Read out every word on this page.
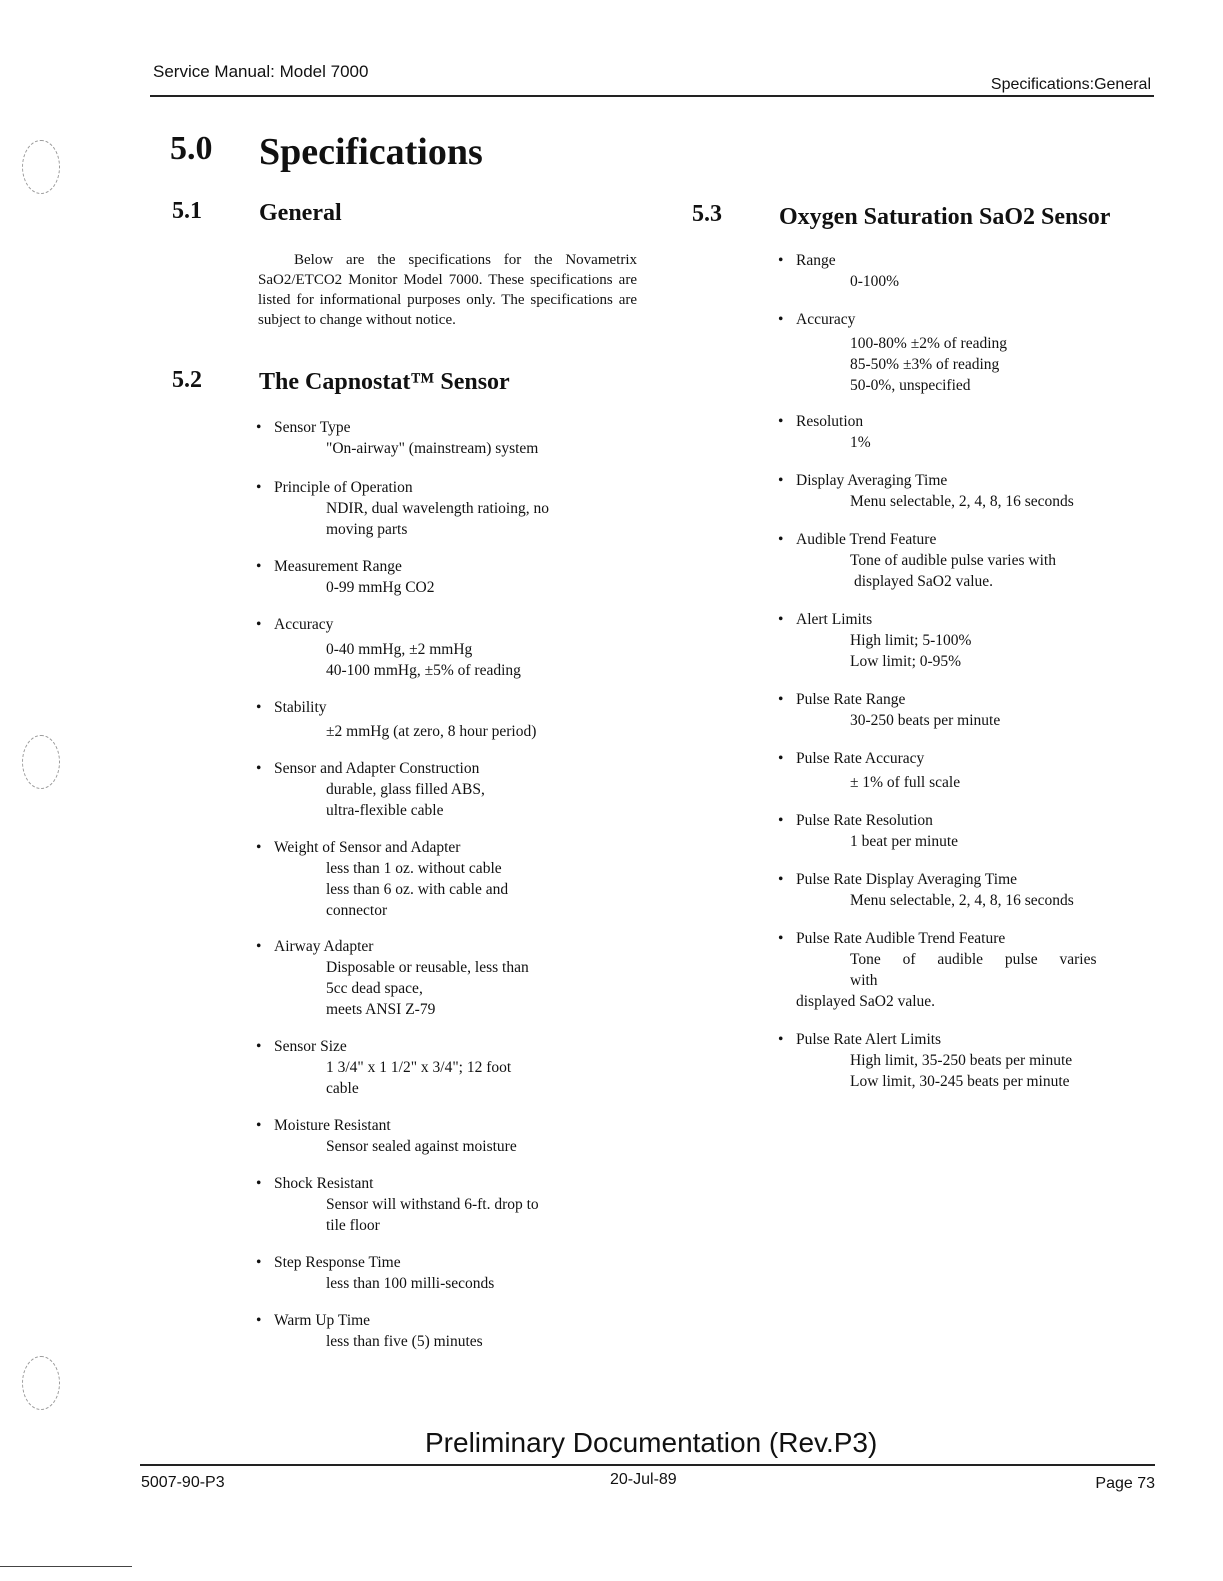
Service Manual: Model 7000
Specifications:General
5.0 Specifications
5.1 General
Below are the specifications for the Novametrix SaO2/ETCO2 Monitor Model 7000. These specifications are listed for informational purposes only. The specifications are subject to change without notice.
5.2 The Capnostat™ Sensor
• Sensor Type
"On-airway" (mainstream) system
• Principle of Operation
NDIR, dual wavelength ratioing, no
moving parts
• Measurement Range
0-99 mmHg CO2
• Accuracy
0-40 mmHg, ±2 mmHg
40-100 mmHg, ±5% of reading
• Stability
±2 mmHg (at zero, 8 hour period)
• Sensor and Adapter Construction
durable, glass filled ABS,
ultra-flexible cable
• Weight of Sensor and Adapter
less than 1 oz. without cable
less than 6 oz. with cable and
connector
• Airway Adapter
Disposable or reusable, less than
5cc dead space,
meets ANSI Z-79
• Sensor Size
1 3/4" x 1 1/2" x 3/4"; 12 foot
cable
• Moisture Resistant
Sensor sealed against moisture
• Shock Resistant
Sensor will withstand 6-ft. drop to
tile floor
• Step Response Time
less than 100 milli-seconds
• Warm Up Time
less than five (5) minutes
5.3 Oxygen Saturation SaO2 Sensor
• Range
0-100%
• Accuracy
100-80% ±2% of reading
85-50% ±3% of reading
50-0%, unspecified
• Resolution
1%
• Display Averaging Time
Menu selectable, 2, 4, 8, 16 seconds
• Audible Trend Feature
Tone of audible pulse varies with
displayed SaO2 value.
• Alert Limits
High limit; 5-100%
Low limit; 0-95%
• Pulse Rate Range
30-250 beats per minute
• Pulse Rate Accuracy
± 1% of full scale
• Pulse Rate Resolution
1 beat per minute
• Pulse Rate Display Averaging Time
Menu selectable, 2, 4, 8, 16 seconds
• Pulse Rate Audible Trend Feature
Tone of audible pulse varies with
displayed SaO2 value.
• Pulse Rate Alert Limits
High limit, 35-250 beats per minute
Low limit, 30-245 beats per minute
Preliminary Documentation (Rev.P3)
5007-90-P3	20-Jul-89	Page 73
